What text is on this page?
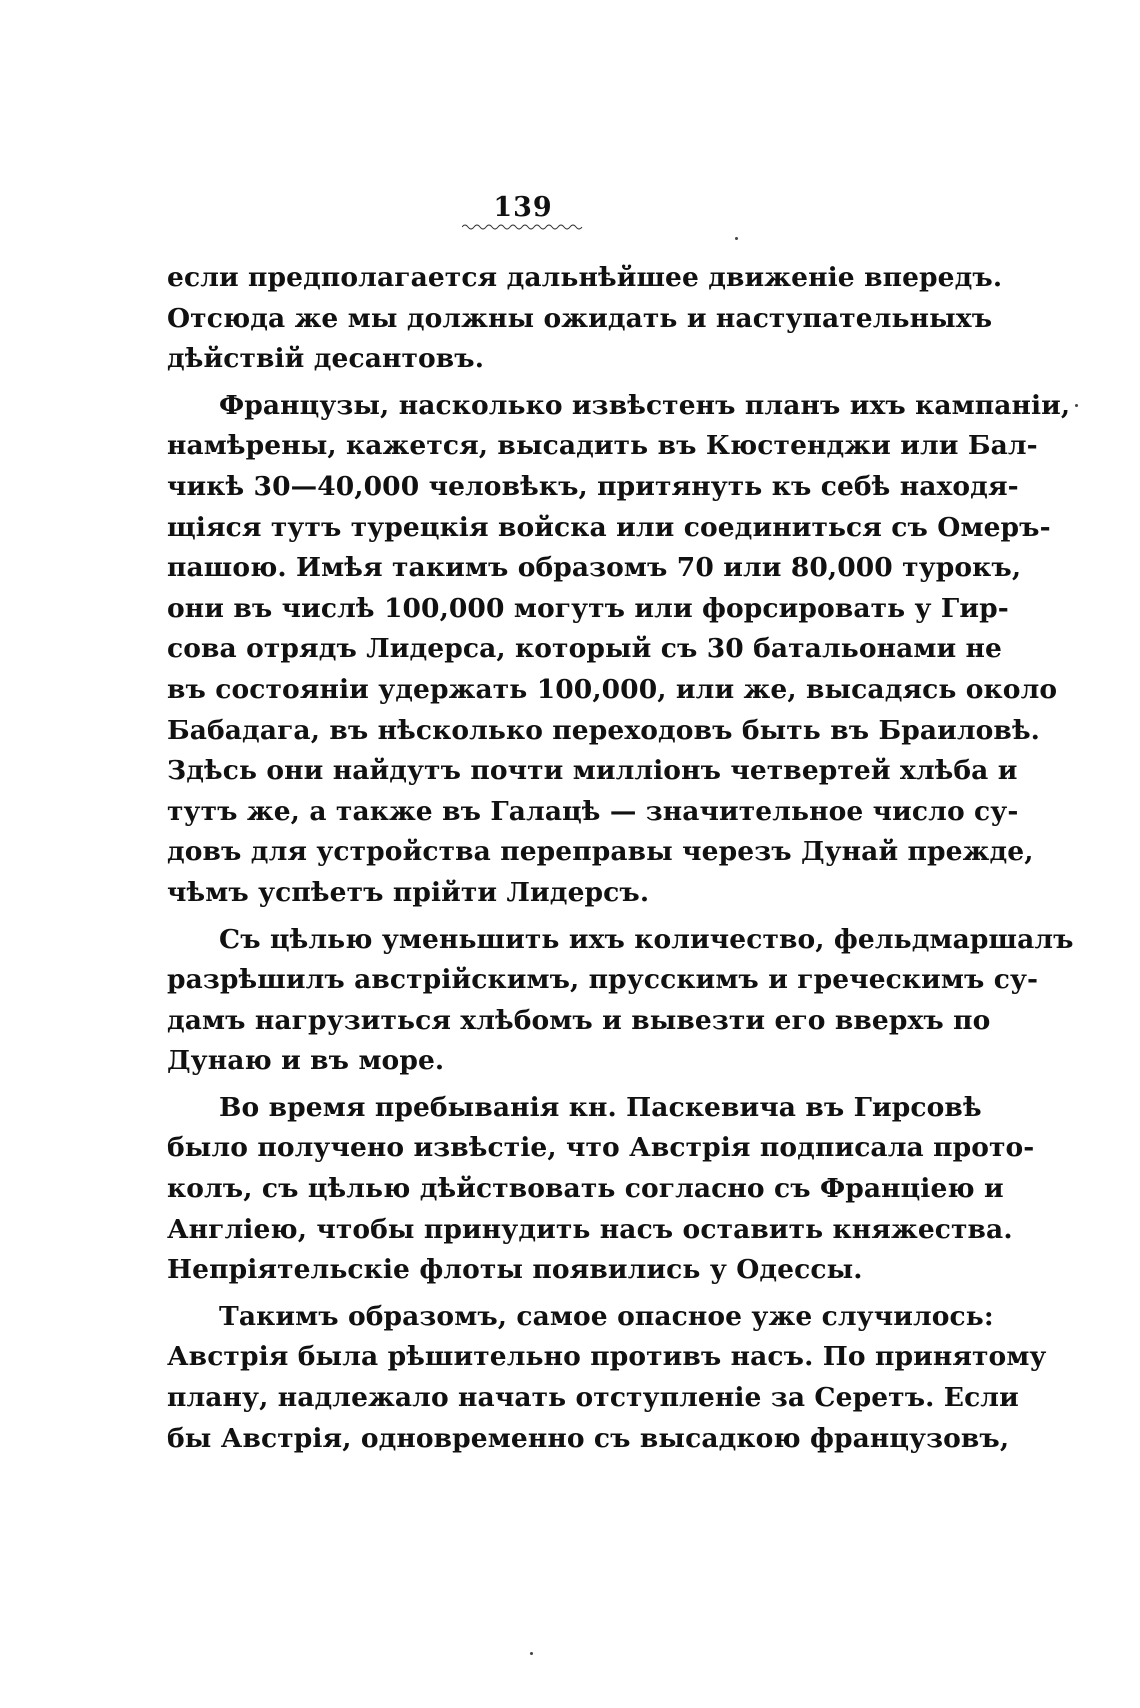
139
если предполагается дальнѣйшее движеніе впередъ.
Отсюда же мы должны ожидать и наступательныхъ
дѣйствій десантовъ.
Французы, насколько извѣстенъ планъ ихъ кампаніи,
намѣрены, кажется, высадить въ Кюстенджи или Бал-
чикѣ 30—40,000 человѣкъ, притянуть къ себѣ находя-
щіяся тутъ турецкія войска или соединиться съ Омеръ-
пашою. Имѣя такимъ образомъ 70 или 80,000 турокъ,
они въ числѣ 100,000 могутъ или форсировать у Гир-
сова отрядъ Лидерса, который съ 30 батальонами не
въ состояніи удержать 100,000, или же, высадясь около
Бабадага, въ нѣсколько переходовъ быть въ Браиловѣ.
Здѣсь они найдутъ почти милліонъ четвертей хлѣба и
тутъ же, а также въ Галацѣ — значительное число су-
довъ для устройства переправы черезъ Дунай прежде,
чѣмъ успѣетъ прійти Лидерсъ.
Съ цѣлью уменьшить ихъ количество, фельдмаршалъ
разрѣшилъ австрійскимъ, прусскимъ и греческимъ су-
дамъ нагрузиться хлѣбомъ и вывезти его вверхъ по
Дунаю и въ море.
Во время пребыванія кн. Паскевича въ Гирсовѣ
было получено извѣстіе, что Австрія подписала прото-
колъ, съ цѣлью дѣйствовать согласно съ Франціею и
Англіею, чтобы принудить насъ оставить княжества.
Непріятельскіе флоты появились у Одессы.
Такимъ образомъ, самое опасное уже случилось:
Австрія была рѣшительно противъ насъ. По принятому
плану, надлежало начать отступленіе за Серетъ. Если
бы Австрія, одновременно съ высадкою французовъ,
